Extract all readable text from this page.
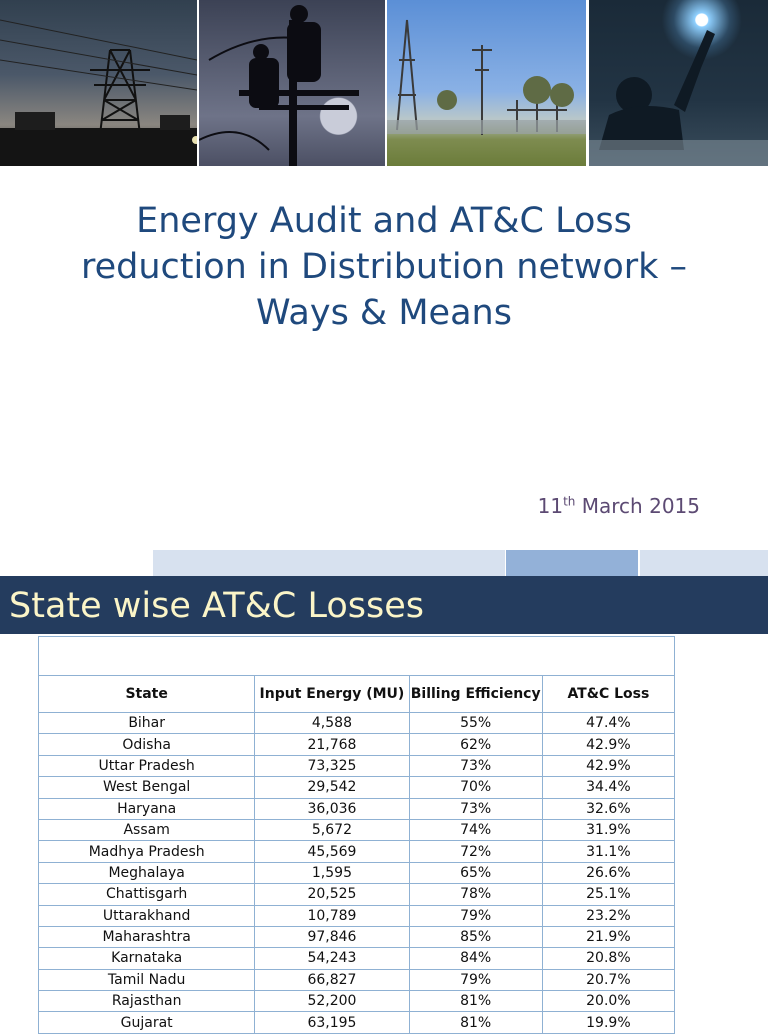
Energy Audit and AT&C Loss reduction in Distribution network – Ways & Means
11th March 2015
State wise AT&C Losses

State	Input Energy (MU)	Billing Efficiency	AT&C Loss
Bihar	4,588	55%	47.4%
Odisha	21,768	62%	42.9%
Uttar Pradesh	73,325	73%	42.9%
West Bengal	29,542	70%	34.4%
Haryana	36,036	73%	32.6%
Assam	5,672	74%	31.9%
Madhya Pradesh	45,569	72%	31.1%
Meghalaya	1,595	65%	26.6%
Chattisgarh	20,525	78%	25.1%
Uttarakhand	10,789	79%	23.2%
Maharashtra	97,846	85%	21.9%
Karnataka	54,243	84%	20.8%
Tamil Nadu	66,827	79%	20.7%
Rajasthan	52,200	81%	20.0%
Gujarat	63,195	81%	19.9%
